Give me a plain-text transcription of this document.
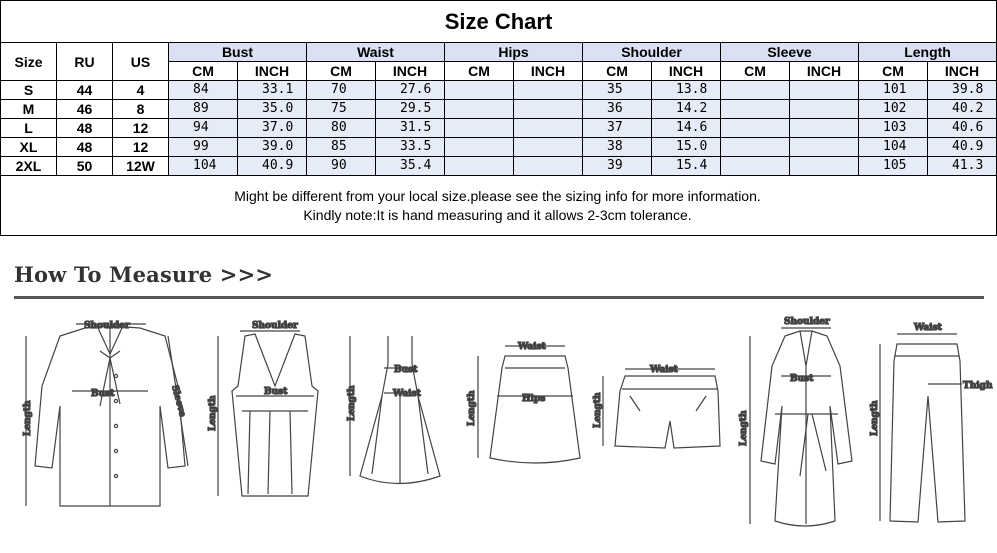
Size Chart
Size	RU	US	Bust		Waist		Hips		Shoulder		Sleeve		Length	
			CM	INCH	CM	INCH	CM	INCH	CM	INCH	CM	INCH	CM	INCH
S	44	4	84	33.1	70	27.6			35	13.8			101	39.8
M	46	8	89	35.0	75	29.5			36	14.2			102	40.2
L	48	12	94	37.0	80	31.5			37	14.6			103	40.6
XL	48	12	99	39.0	85	33.5			38	15.0			104	40.9
2XL	50	12W	104	40.9	90	35.4			39	15.4			105	41.3
Might be different from your local size.please see the sizing info for more information.
Kindly note:It is hand measuring and it allows 2-3cm tolerance.
How To Measure >>>
Shoulder
Bust
Length	Sleeve
Shoulder
Bust
Length
Bust
Waist
Length
Waist
Hips
Length
Waist
Length
Shoulder
Bust
Length
Waist
Thigh
Length
